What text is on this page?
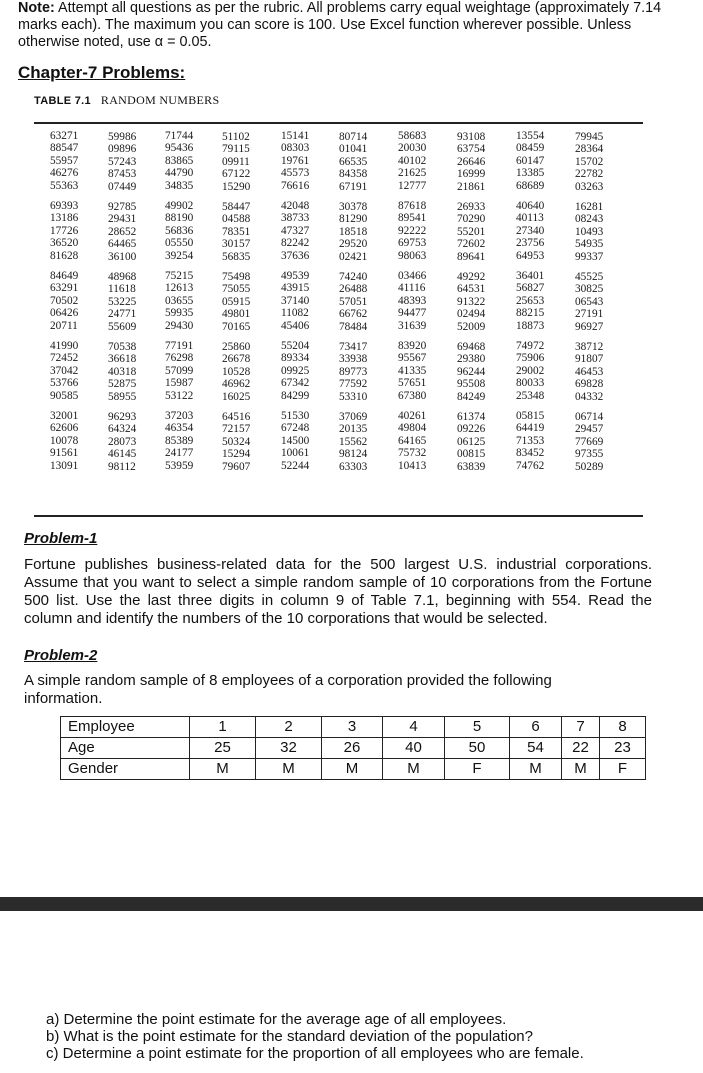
Note: Attempt all questions as per the rubric. All problems carry equal weightage (approximately 7.14 marks each). The maximum you can score is 100. Use Excel function wherever possible. Unless otherwise noted, use α = 0.05.
Chapter-7 Problems:
TABLE 7.1 RANDOM NUMBERS
63271	59986	71744	51102	15141	80714	58683	93108	13554	79945
88547	09896	95436	79115	08303	01041	20030	63754	08459	28364
55957	57243	83865	09911	19761	66535	40102	26646	60147	15702
46276	87453	44790	67122	45573	84358	21625	16999	13385	22782
55363	07449	34835	15290	76616	67191	12777	21861	68689	03263
69393	92785	49902	58447	42048	30378	87618	26933	40640	16281
13186	29431	88190	04588	38733	81290	89541	70290	40113	08243
17726	28652	56836	78351	47327	18518	92222	55201	27340	10493
36520	64465	05550	30157	82242	29520	69753	72602	23756	54935
81628	36100	39254	56835	37636	02421	98063	89641	64953	99337
84649	48968	75215	75498	49539	74240	03466	49292	36401	45525
63291	11618	12613	75055	43915	26488	41116	64531	56827	30825
70502	53225	03655	05915	37140	57051	48393	91322	25653	06543
06426	24771	59935	49801	11082	66762	94477	02494	88215	27191
20711	55609	29430	70165	45406	78484	31639	52009	18873	96927
41990	70538	77191	25860	55204	73417	83920	69468	74972	38712
72452	36618	76298	26678	89334	33938	95567	29380	75906	91807
37042	40318	57099	10528	09925	89773	41335	96244	29002	46453
53766	52875	15987	46962	67342	77592	57651	95508	80033	69828
90585	58955	53122	16025	84299	53310	67380	84249	25348	04332
32001	96293	37203	64516	51530	37069	40261	61374	05815	06714
62606	64324	46354	72157	67248	20135	49804	09226	64419	29457
10078	28073	85389	50324	14500	15562	64165	06125	71353	77669
91561	46145	24177	15294	10061	98124	75732	00815	83452	97355
13091	98112	53959	79607	52244	63303	10413	63839	74762	50289
Problem-1
Fortune publishes business-related data for the 500 largest U.S. industrial corporations. Assume that you want to select a simple random sample of 10 corporations from the Fortune 500 list. Use the last three digits in column 9 of Table 7.1, beginning with 554. Read the column and identify the numbers of the 10 corporations that would be selected.
Problem-2
A simple random sample of 8 employees of a corporation provided the following information.
Employee	1	2	3	4	5	6	7	8
Age	25	32	26	40	50	54	22	23
Gender	M	M	M	M	F	M	M	F
a) Determine the point estimate for the average age of all employees.
b) What is the point estimate for the standard deviation of the population?
c) Determine a point estimate for the proportion of all employees who are female.
